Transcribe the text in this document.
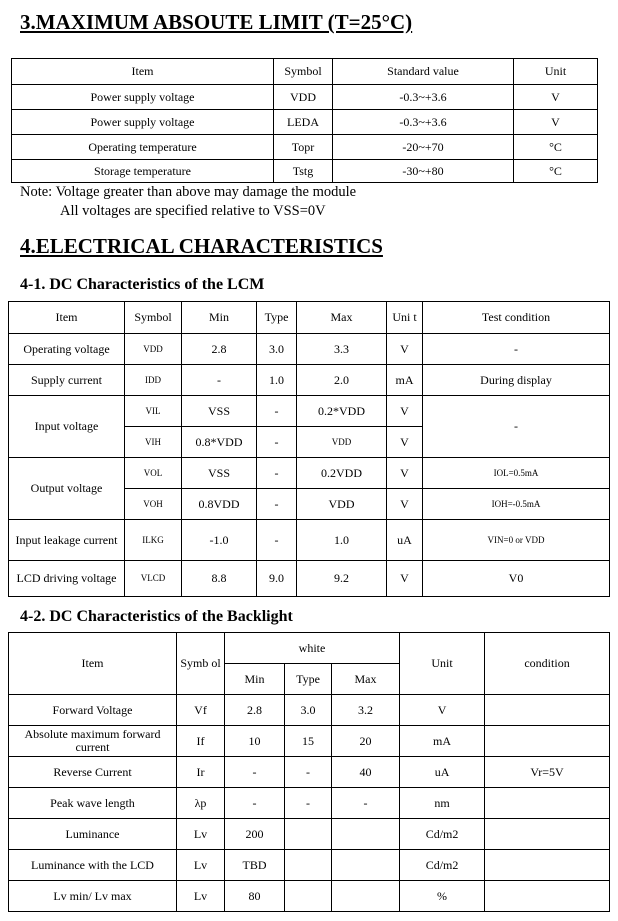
3.MAXIMUM ABSOUTE LIMIT (T=25°C)
Item	Symbol	Standard value	Unit
Power supply voltage	VDD	-0.3~+3.6	V
Power supply voltage	LEDA	-0.3~+3.6	V
Operating temperature	Topr	-20~+70	°C
Storage temperature	Tstg	-30~+80	°C
Note: Voltage greater than above may damage the module
All voltages are specified relative to VSS=0V
4.ELECTRICAL CHARACTERISTICS
4-1. DC Characteristics of the LCM
Item	Symbol	Min	Type	Max	Uni t	Test condition
Operating voltage	VDD	2.8	3.0	3.3	V	-
Supply current	IDD	-	1.0	2.0	mA	During display
Input voltage	VIL	VSS	-	0.2*VDD	V	-
	VIH	0.8*VDD	-	VDD	V	
Output voltage	VOL	VSS	-	0.2VDD	V	IOL=0.5mA
	VOH	0.8VDD	-	VDD	V	IOH=-0.5mA
Input leakage current	ILKG	-1.0	-	1.0	uA	VIN=0 or VDD
LCD driving voltage	VLCD	8.8	9.0	9.2	V	V0
4-2. DC Characteristics of the Backlight
Item	Symb ol	white			Unit	condition
		Min	Type	Max		
Forward Voltage	Vf	2.8	3.0	3.2	V	
Absolute maximum forward current	If	10	15	20	mA	
Reverse Current	Ir	-	-	40	uA	Vr=5V
Peak wave length	λp	-	-	-	nm	
Luminance	Lv	200			Cd/m2	
Luminance with the LCD	Lv	TBD			Cd/m2	
Lv min/ Lv max	Lv	80			%	
